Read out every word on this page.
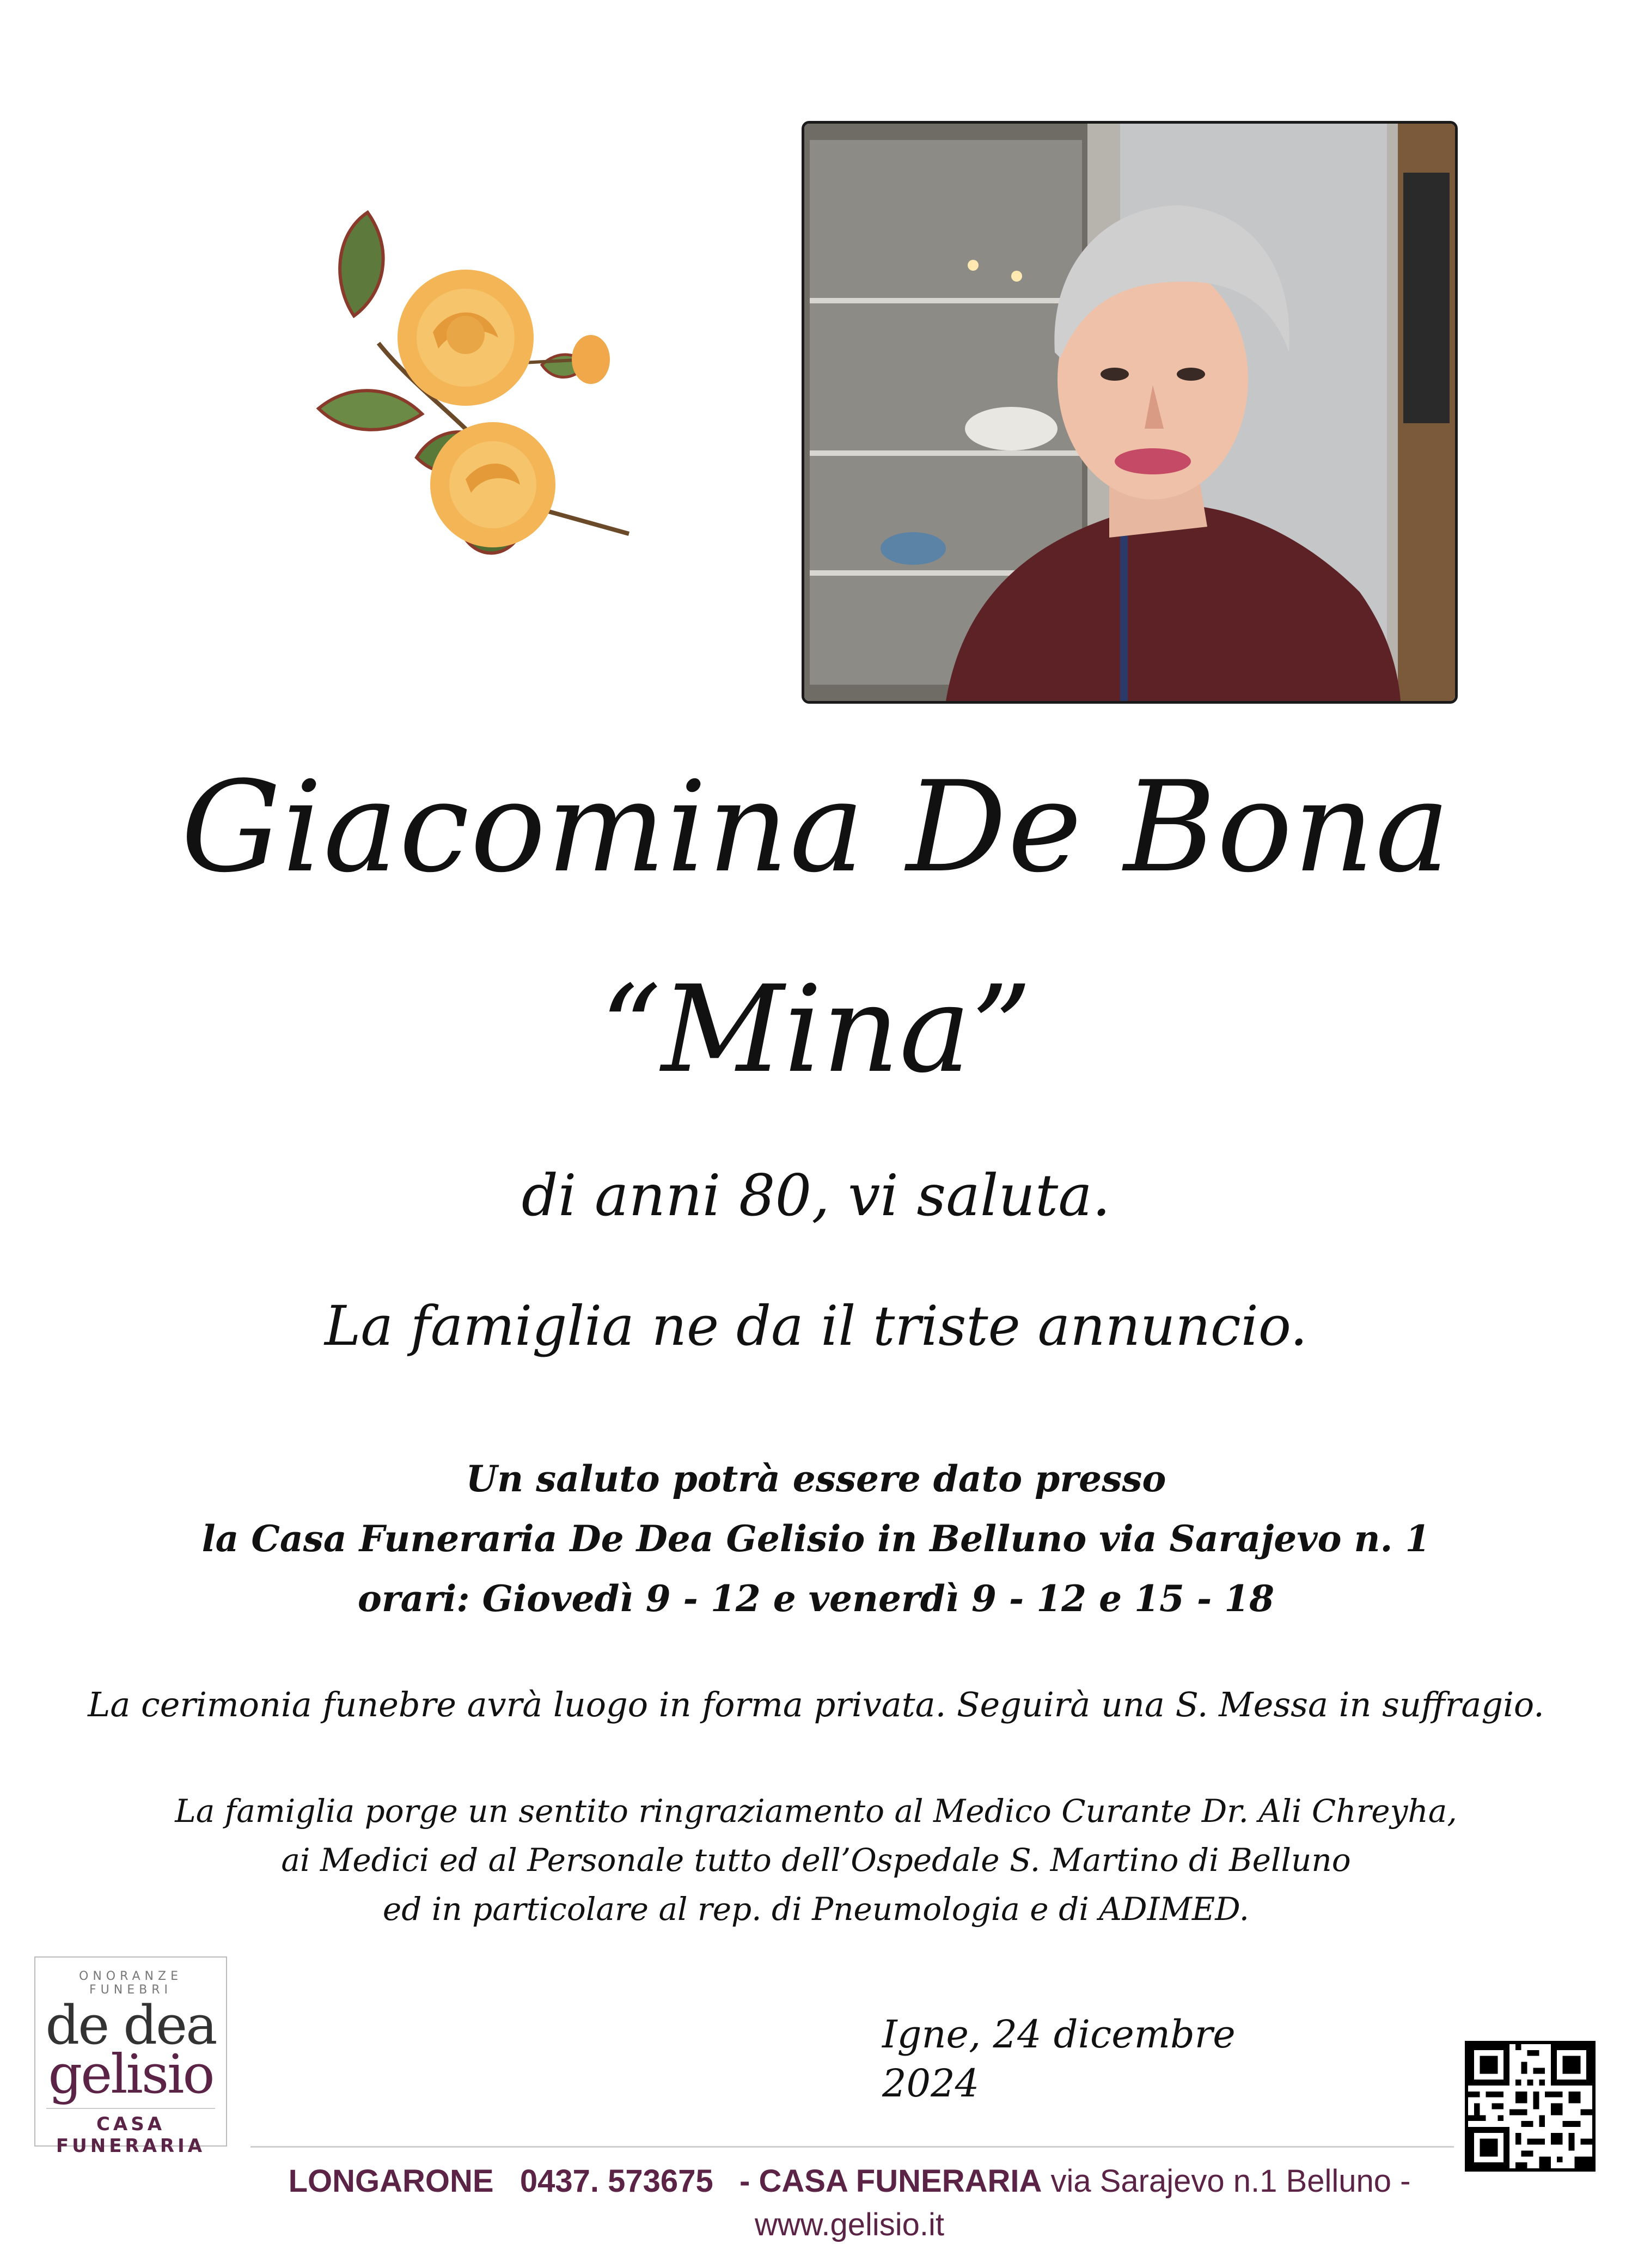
Giacomina De Bona
“Mina”
di anni 80, vi saluta.
La famiglia ne da il triste annuncio.
Un saluto potrà essere dato presso
la Casa Funeraria De Dea Gelisio in Belluno via Sarajevo n. 1
orari: Giovedì 9 - 12 e venerdì 9 - 12 e 15 - 18
La cerimonia funebre avrà luogo in forma privata. Seguirà una S. Messa in suffragio.
La famiglia porge un sentito ringraziamento al Medico Curante Dr. Ali Chreyha,
ai Medici ed al Personale tutto dell’Ospedale S. Martino di Belluno
ed in particolare al rep. di Pneumologia e di ADIMED.
Igne, 24 dicembre 2024
ONORANZE FUNEBRI
de dea
gelisio
CASA FUNERARIA
LONGARONE 0437. 573675 - CASA FUNERARIA via Sarajevo n.1 Belluno - www.gelisio.it
